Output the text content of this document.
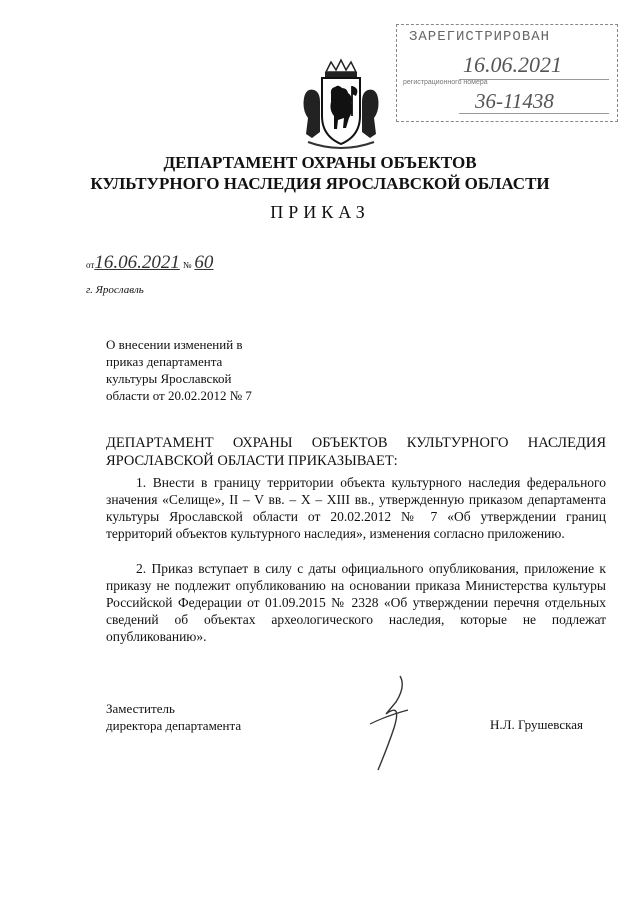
ЗАРЕГИСТРИРОВАН
16.06.2021
регистрационного номера
36-11438
ДЕПАРТАМЕНТ ОХРАНЫ ОБЪЕКТОВ
КУЛЬТУРНОГО НАСЛЕДИЯ ЯРОСЛАВСКОЙ ОБЛАСТИ
ПРИКАЗ
от 16.06.2021 № 60
г. Ярославль
О внесении изменений в
приказ департамента
культуры Ярославской
области от 20.02.2012 № 7
ДЕПАРТАМЕНТ ОХРАНЫ ОБЪЕКТОВ КУЛЬТУРНОГО НАСЛЕДИЯ
ЯРОСЛАВСКОЙ ОБЛАСТИ ПРИКАЗЫВАЕТ:
1. Внести в границу территории объекта культурного наследия федерального значения «Селище», II – V вв. – X – XIII вв., утвержденную приказом департамента культуры Ярославской области от 20.02.2012 № 7 «Об утверждении границ территорий объектов культурного наследия», изменения согласно приложению.
2. Приказ вступает в силу с даты официального опубликования, приложение к приказу не подлежит опубликованию на основании приказа Министерства культуры Российской Федерации от 01.09.2015 № 2328 «Об утверждении перечня отдельных сведений об объектах археологического наследия, которые не подлежат опубликованию».
Заместитель
директора департамента	Н.Л. Грушевская
